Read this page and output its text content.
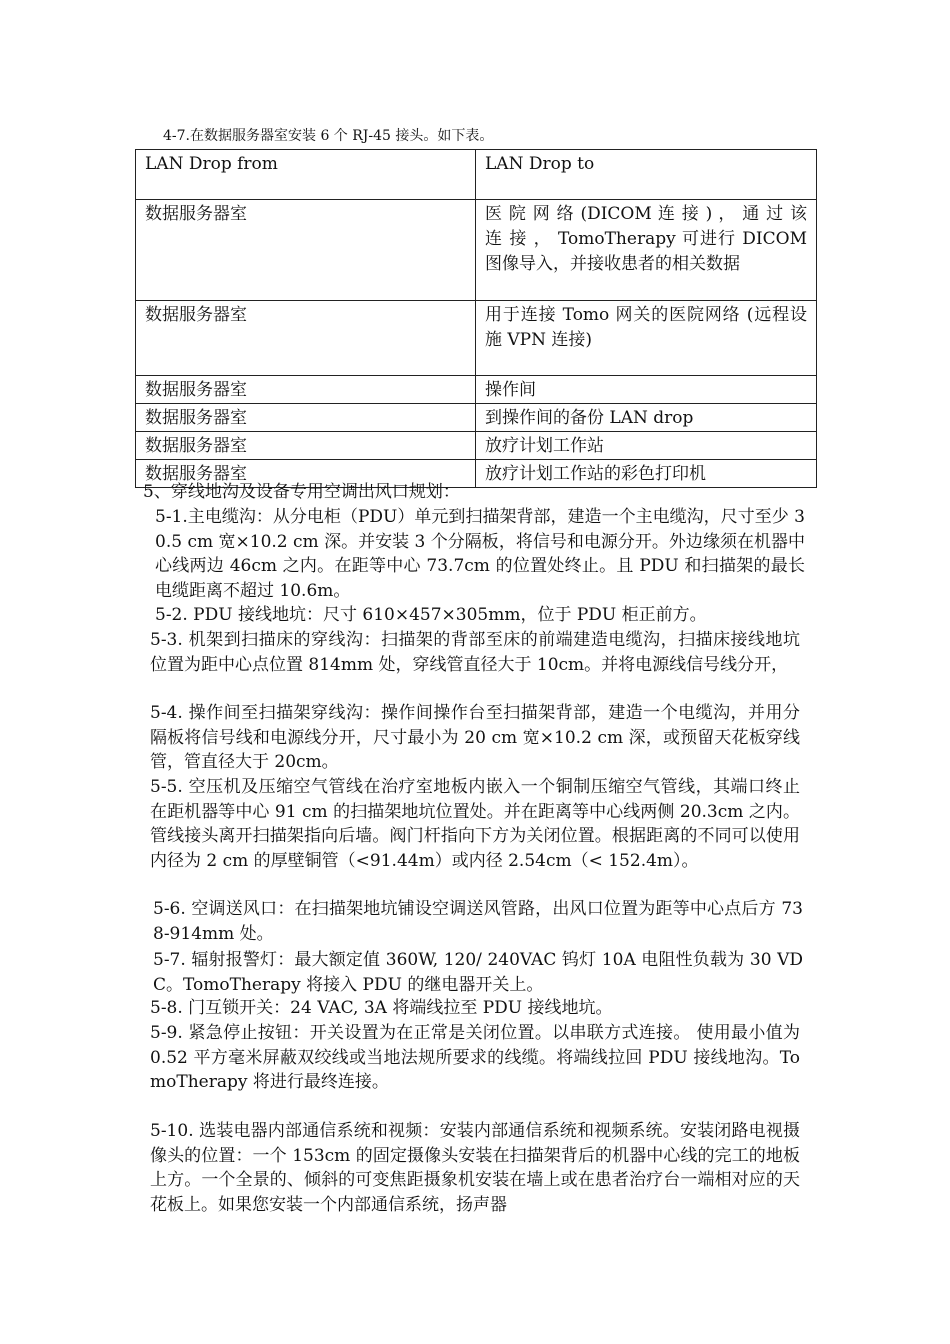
4-7.在数据服务器室安装 6 个 RJ-45 接头。如下表。
LAN Drop from	LAN Drop to
数据服务器室	医 院 网 络 (DICOM 连 接 ) ， 通 过 该 连 接 ， TomoTherapy 可进行 DICOM 图像导入，并接收患者的相关数据
数据服务器室	用于连接 Tomo 网关的医院网络 (远程设施 VPN 连接)
数据服务器室	操作间
数据服务器室	到操作间的备份 LAN drop
数据服务器室	放疗计划工作站
数据服务器室	放疗计划工作站的彩色打印机
5、穿线地沟及设备专用空调出风口规划：
5-1.主电缆沟：从分电柜（PDU）单元到扫描架背部，建造一个主电缆沟，尺寸至少 30.5 cm 宽×10.2 cm 深。并安装 3 个分隔板，将信号和电源分开。外边缘须在机器中心线两边 46cm 之内。在距等中心 73.7cm 的位置处终止。且 PDU 和扫描架的最长电缆距离不超过 10.6m。
5-2. PDU 接线地坑：尺寸 610×457×305mm，位于 PDU 柜正前方。
5-3. 机架到扫描床的穿线沟：扫描架的背部至床的前端建造电缆沟，扫描床接线地坑位置为距中心点位置 814mm 处，穿线管直径大于 10cm。并将电源线信号线分开，
5-4. 操作间至扫描架穿线沟：操作间操作台至扫描架背部，建造一个电缆沟，并用分隔板将信号线和电源线分开，尺寸最小为 20 cm 宽×10.2 cm 深，或预留天花板穿线管，管直径大于 20cm。
5-5. 空压机及压缩空气管线在治疗室地板内嵌入一个铜制压缩空气管线，其端口终止在距机器等中心 91 cm 的扫描架地坑位置处。并在距离等中心线两侧 20.3cm 之内。管线接头离开扫描架指向后墙。阀门杆指向下方为关闭位置。根据距离的不同可以使用内径为 2 cm 的厚壁铜管（<91.44m）或内径 2.54cm（< 152.4m）。
5-6. 空调送风口：在扫描架地坑铺设空调送风管路，出风口位置为距等中心点后方 738-914mm 处。
5-7. 辐射报警灯：最大额定值 360W, 120/ 240VAC 钨灯 10A 电阻性负载为 30 VDC。TomoTherapy 将接入 PDU 的继电器开关上。
5-8. 门互锁开关：24 VAC, 3A 将端线拉至 PDU 接线地坑。
5-9. 紧急停止按钮：开关设置为在正常是关闭位置。以串联方式连接。 使用最小值为 0.52 平方毫米屏蔽双绞线或当地法规所要求的线缆。将端线拉回 PDU 接线地沟。TomoTherapy 将进行最终连接。
5-10. 选装电器内部通信系统和视频：安装内部通信系统和视频系统。安装闭路电视摄像头的位置：一个 153cm 的固定摄像头安装在扫描架背后的机器中心线的完工的地板上方。一个全景的、倾斜的可变焦距摄象机安装在墙上或在患者治疗台一端相对应的天花板上。如果您安装一个内部通信系统，扬声器
